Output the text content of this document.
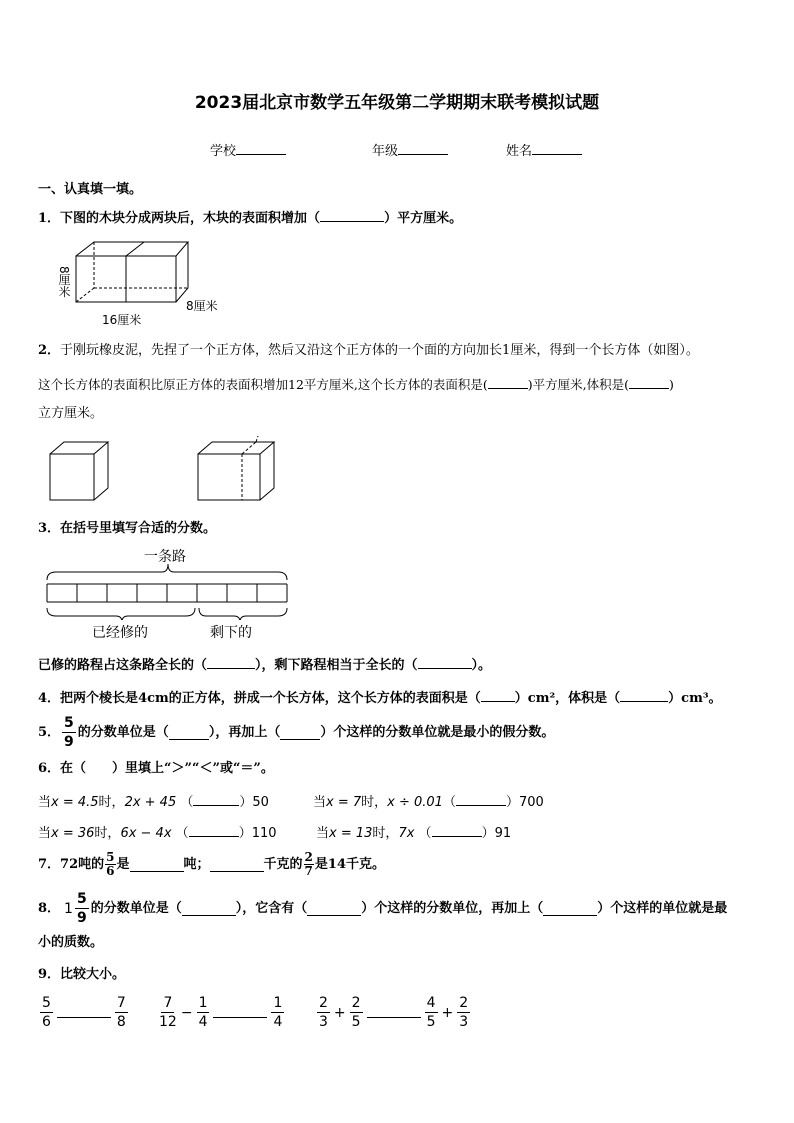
2023届北京市数学五年级第二学期期末联考模拟试题
学校	年级	姓名
一、认真填一填。
1．下图的木块分成两块后，木块的表面积增加（	）平方厘米。
8厘米
8厘米
16厘米
2．于刚玩橡皮泥，先捏了一个正方体，然后又沿这个正方体的一个面的方向加长1厘米，得到一个长方体（如图）。
这个长方体的表面积比原正方体的表面积增加12平方厘米,这个长方体的表面积是(	)平方厘米,体积是(	)
立方厘米。
3．在括号里填写合适的分数。
一条路
已经修的	剩下的
已修的路程占这条路全长的（	），剩下路程相当于全长的（	）。
4．把两个棱长是4cm的正方体，拼成一个长方体，这个长方体的表面积是（	）cm²，体积是（	）cm³。
5．
5
9
的分数单位是（	），再加上（	）个这样的分数单位就是最小的假分数。
6．在（　　）里填上“＞”“＜”或“＝”。
当x = 4.5时，2x + 45 （	）50	当x = 7时，x ÷ 0.01（	）700
当x = 36时，6x − 4x （	）110	当x = 13时，7x （	）91
7． 72吨的 $\frac{5}{6}$ 是	吨；	千克的 $\frac{2}{7}$ 是14千克。
8． 1
5
9
的分数单位是（	），它含有（	）个这样的分数单位，再加上（	）个这样的单位就是最
小的质数。
9．比较大小。
5
6
7
8
7
12
− $\frac{1}{4}$	1
4
2
3
+ $\frac{2}{5}$	4
5
+ $\frac{2}{3}$
